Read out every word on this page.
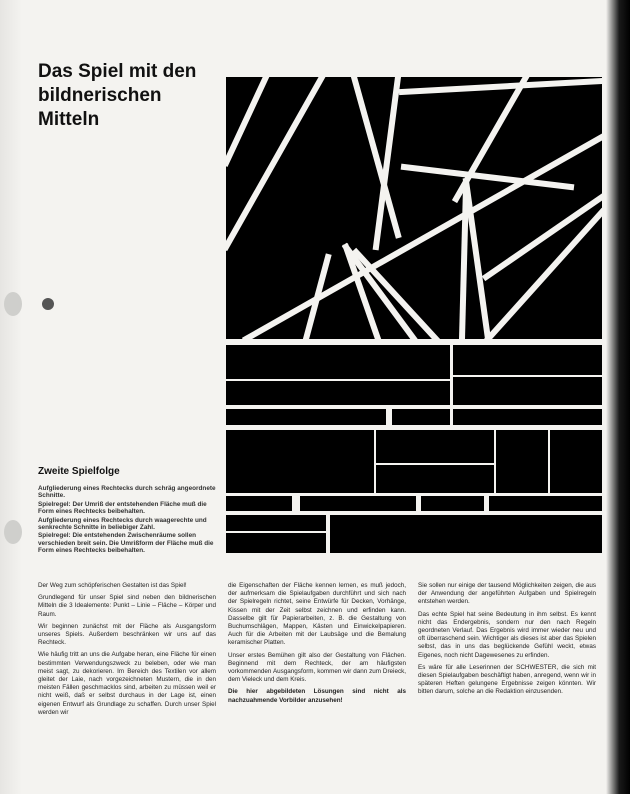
Das Spiel mit den bildnerischen Mitteln
Zweite Spielfolge

Aufgliederung eines Rechtecks durch schräg angeordnete Schnitte.

Spielregel: Der Umriß der entstehenden Fläche muß die Form eines Rechtecks beibehalten.

Aufgliederung eines Rechtecks durch waagerechte und senkrechte Schnitte in beliebiger Zahl.

Spielregel: Die entstehenden Zwischenräume sollen verschieden breit sein. Die Umrißform der Fläche muß die Form eines Rechtecks beibehalten.

Der Weg zum schöpferischen Gestalten ist das Spiel!

Grundlegend für unser Spiel sind neben den bildnerischen Mitteln die 3 Idealemente: Punkt – Linie – Fläche – Körper und Raum.

Wir beginnen zunächst mit der Fläche als Ausgangsform unseres Spiels. Außerdem beschränken wir uns auf das Rechteck.

Wie häufig tritt an uns die Aufgabe heran, eine Fläche für einen bestimmten Verwendungszweck zu beleben, oder wie man meist sagt, zu dekorieren. Im Bereich des Textilen vor allem gleitet der Laie, nach vorgezeichneten Mustern, die in den meisten Fällen geschmacklos sind, arbeiten zu müssen weil er nicht weiß, daß er selbst durchaus in der Lage ist, einen eigenen Entwurf als Grundlage zu schaffen. Durch unser Spiel werden wir

die Eigenschaften der Fläche kennen lernen, es muß jedoch, der aufmerksam die Spielaufgaben durchführt und sich nach der Spielregeln richtet, seine Entwürfe für Decken, Vorhänge, Kissen mit der Zeit selbst zeichnen und erfinden kann. Dasselbe gilt für Papierarbeiten, z. B. die Gestaltung von Buchumschlägen, Mappen, Kästen und Einwickelpapieren. Auch für die Arbeiten mit der Laubsäge und die Bemalung keramischer Platten.

Unser erstes Bemühen gilt also der Gestaltung von Flächen. Beginnend mit dem Rechteck, der am häufigsten vorkommenden Ausgangsform, kommen wir dann zum Dreieck, dem Vieleck und dem Kreis.

Die hier abgebildeten Lösungen sind nicht als nachzuahmende Vorbilder anzusehen!

Sie sollen nur einige der tausend Möglichkeiten zeigen, die aus der Anwendung der angeführten Aufgaben und Spielregeln entstehen werden.

Das echte Spiel hat seine Bedeutung in ihm selbst. Es kennt nicht das Endergebnis, sondern nur den nach Regeln geordneten Verlauf. Das Ergebnis wird immer wieder neu und oft überraschend sein. Wichtiger als dieses ist aber das Spielen selbst, das in uns das beglückende Gefühl weckt, etwas Eigenes, noch nicht Dagewesenes zu erfinden.

Es wäre für alle Leserinnen der SCHWESTER, die sich mit diesen Spielaufgaben beschäftigt haben, anregend, wenn wir in späteren Heften gelungene Ergebnisse zeigen könnten. Wir bitten darum, solche an die Redaktion einzusenden.
